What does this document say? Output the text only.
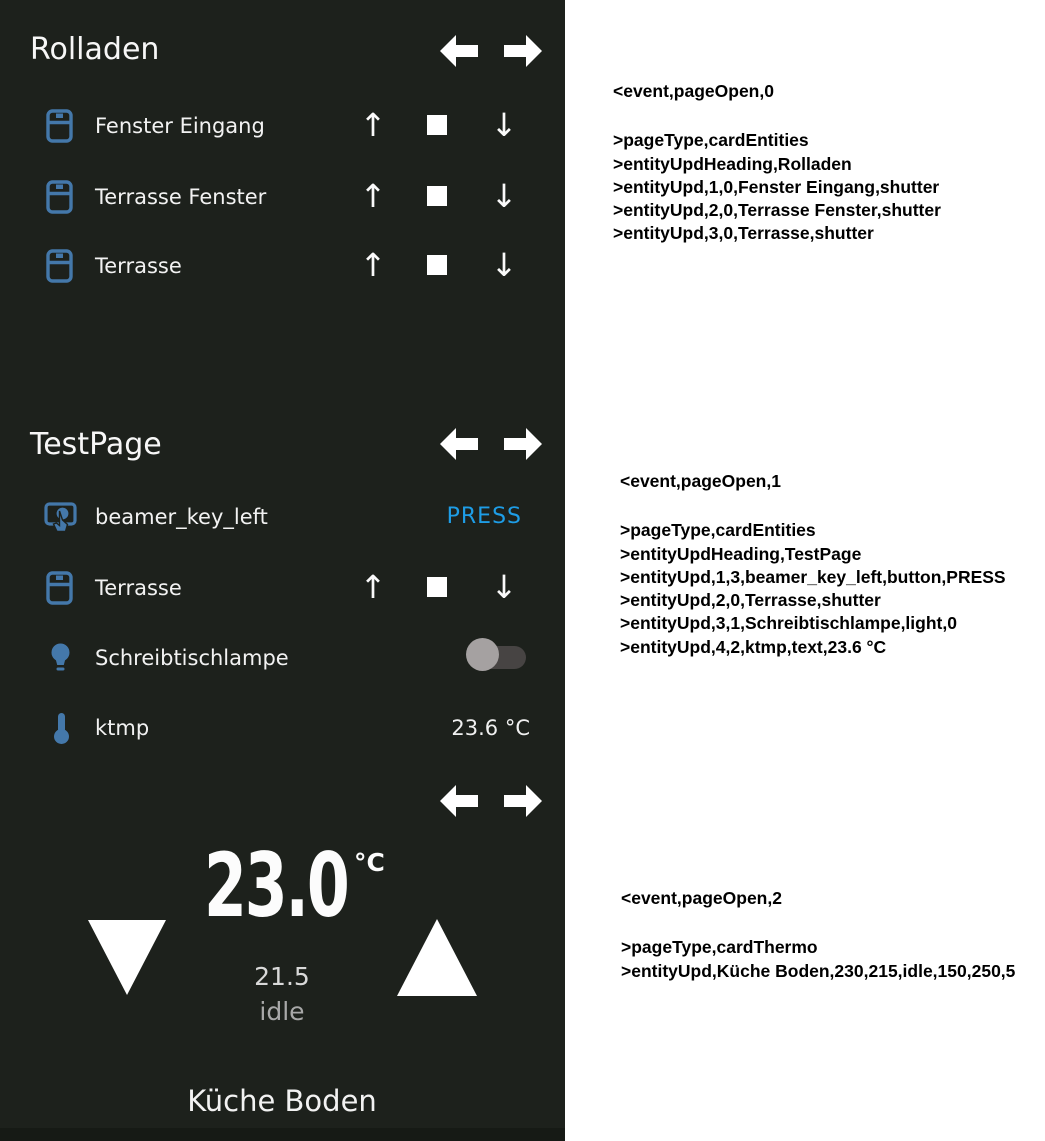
Rolladen
Fenster Eingang	↑	↓
Terrasse Fenster	↑	↓
Terrasse	↑	↓
TestPage
beamer_key_left	PRESS
Terrasse	↑	↓
Schreibtischlampe
ktmp	23.6 °C
23.0 °C
21.5
idle
Küche Boden
<event,pageOpen,0
>pageType,cardEntities
>entityUpdHeading,Rolladen
>entityUpd,1,0,Fenster Eingang,shutter
>entityUpd,2,0,Terrasse Fenster,shutter
>entityUpd,3,0,Terrasse,shutter
<event,pageOpen,1
>pageType,cardEntities
>entityUpdHeading,TestPage
>entityUpd,1,3,beamer_key_left,button,PRESS
>entityUpd,2,0,Terrasse,shutter
>entityUpd,3,1,Schreibtischlampe,light,0
>entityUpd,4,2,ktmp,text,23.6 °C
<event,pageOpen,2
>pageType,cardThermo
>entityUpd,Küche Boden,230,215,idle,150,250,5
